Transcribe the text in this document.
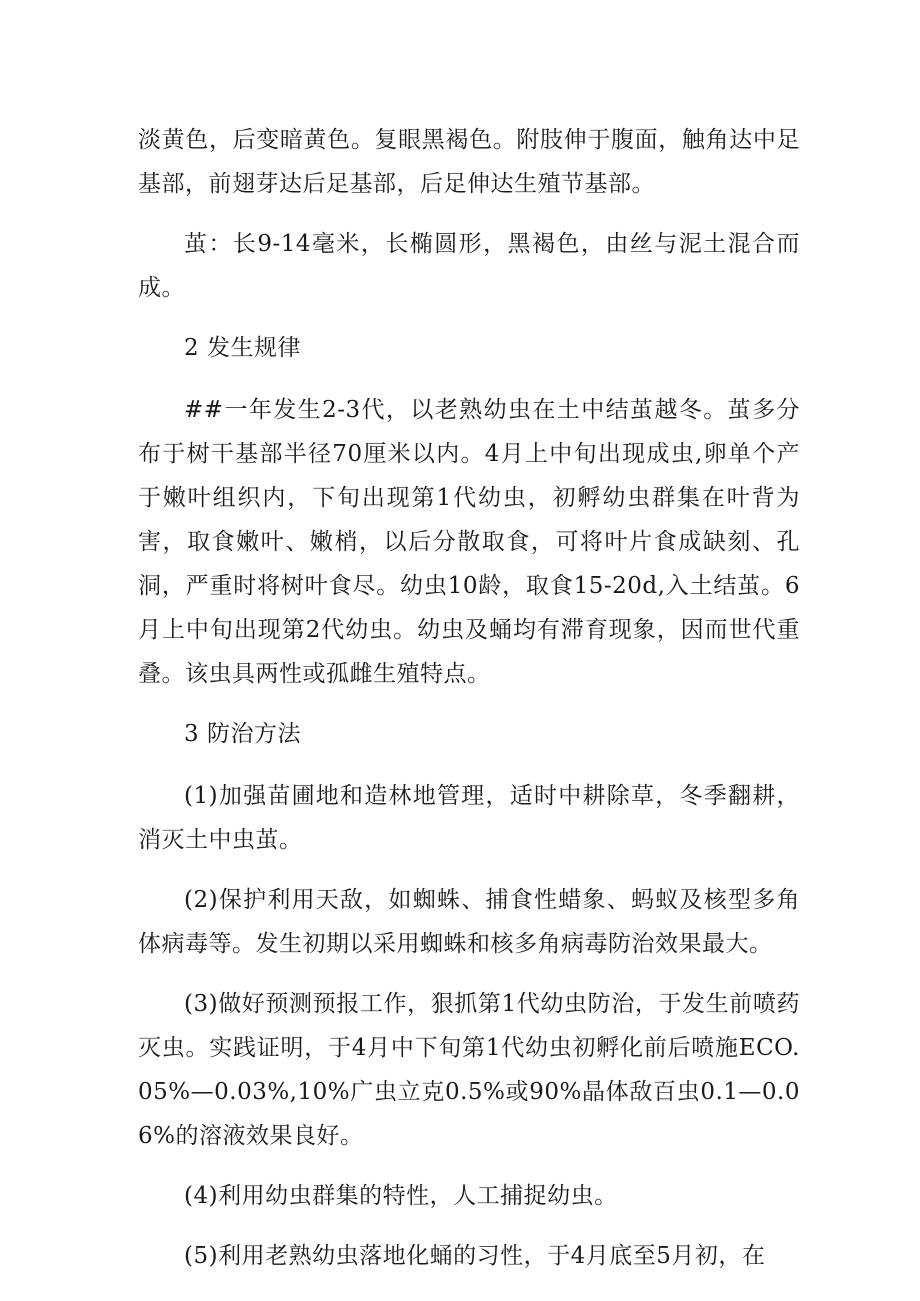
淡黄色，后变暗黄色。复眼黑褐色。附肢伸于腹面，触角达中足基部，前翅芽达后足基部，后足伸达生殖节基部。

茧：长9-14毫米，长椭圆形，黑褐色，由丝与泥土混合而成。

2 发生规律

##一年发生2-3代，以老熟幼虫在土中结茧越冬。茧多分布于树干基部半径70厘米以内。4月上中旬出现成虫,卵单个产于嫩叶组织内，下旬出现第1代幼虫，初孵幼虫群集在叶背为害，取食嫩叶、嫩梢，以后分散取食，可将叶片食成缺刻、孔洞，严重时将树叶食尽。幼虫10龄，取食15-20d,入土结茧。6月上中旬出现第2代幼虫。幼虫及蛹均有滞育现象，因而世代重叠。该虫具两性或孤雌生殖特点。

3 防治方法

(1)加强苗圃地和造林地管理，适时中耕除草，冬季翻耕，消灭土中虫茧。

(2)保护利用天敌，如蜘蛛、捕食性蜡象、蚂蚁及核型多角体病毒等。发生初期以采用蜘蛛和核多角病毒防治效果最大。

(3)做好预测预报工作，狠抓第1代幼虫防治，于发生前喷药灭虫。实践证明，于4月中下旬第1代幼虫初孵化前后喷施ECO.05%—0.03%,10%广虫立克0.5%或90%晶体敌百虫0.1—0.06%的溶液效果良好。

(4)利用幼虫群集的特性，人工捕捉幼虫。

(5)利用老熟幼虫落地化蛹的习性，于4月底至5月初，在
